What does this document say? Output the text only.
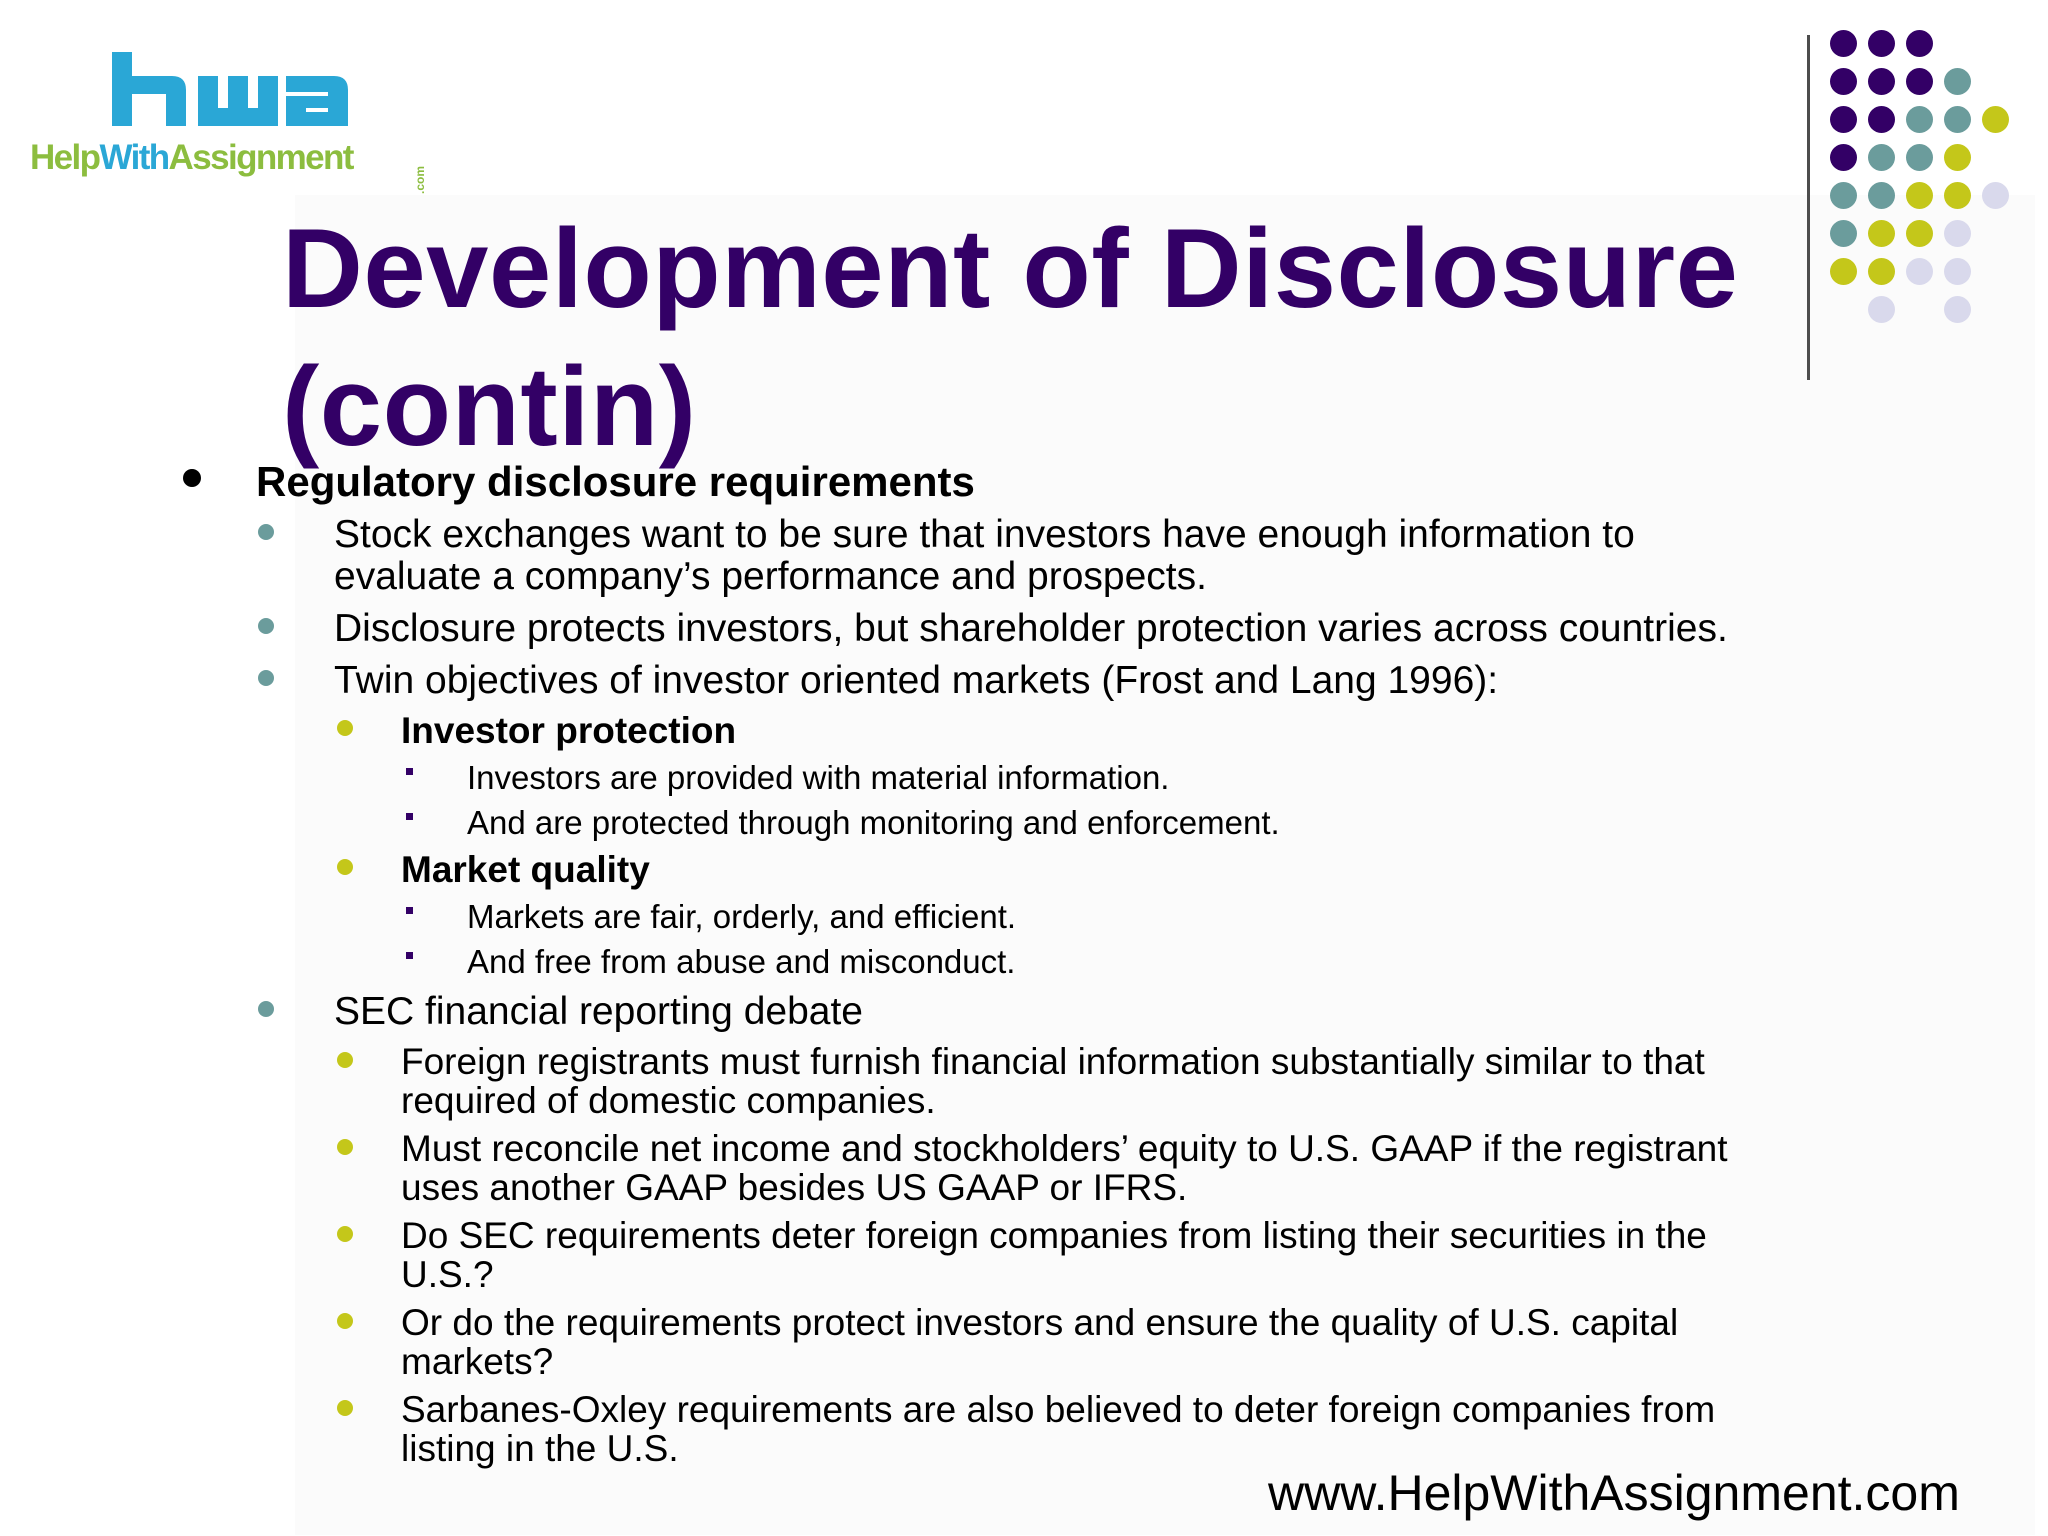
hwa
HelpWithAssignment
.com
Development of Disclosure
(contin)
Regulatory disclosure requirements
Stock exchanges want to be sure that investors have enough information to
evaluate a company’s performance and prospects.
Disclosure protects investors, but shareholder protection varies across countries.
Twin objectives of investor oriented markets (Frost and Lang 1996):
Investor protection
Investors are provided with material information.
And are protected through monitoring and enforcement.
Market quality
Markets are fair, orderly, and efficient.
And free from abuse and misconduct.
SEC financial reporting debate
Foreign registrants must furnish financial information substantially similar to that
required of domestic companies.
Must reconcile net income and stockholders’ equity to U.S. GAAP if the registrant
uses another GAAP besides US GAAP or IFRS.
Do SEC requirements deter foreign companies from listing their securities in the
U.S.?
Or do the requirements protect investors and ensure the quality of U.S. capital
markets?
Sarbanes-Oxley requirements are also believed to deter foreign companies from
listing in the U.S.
www.HelpWithAssignment.com
